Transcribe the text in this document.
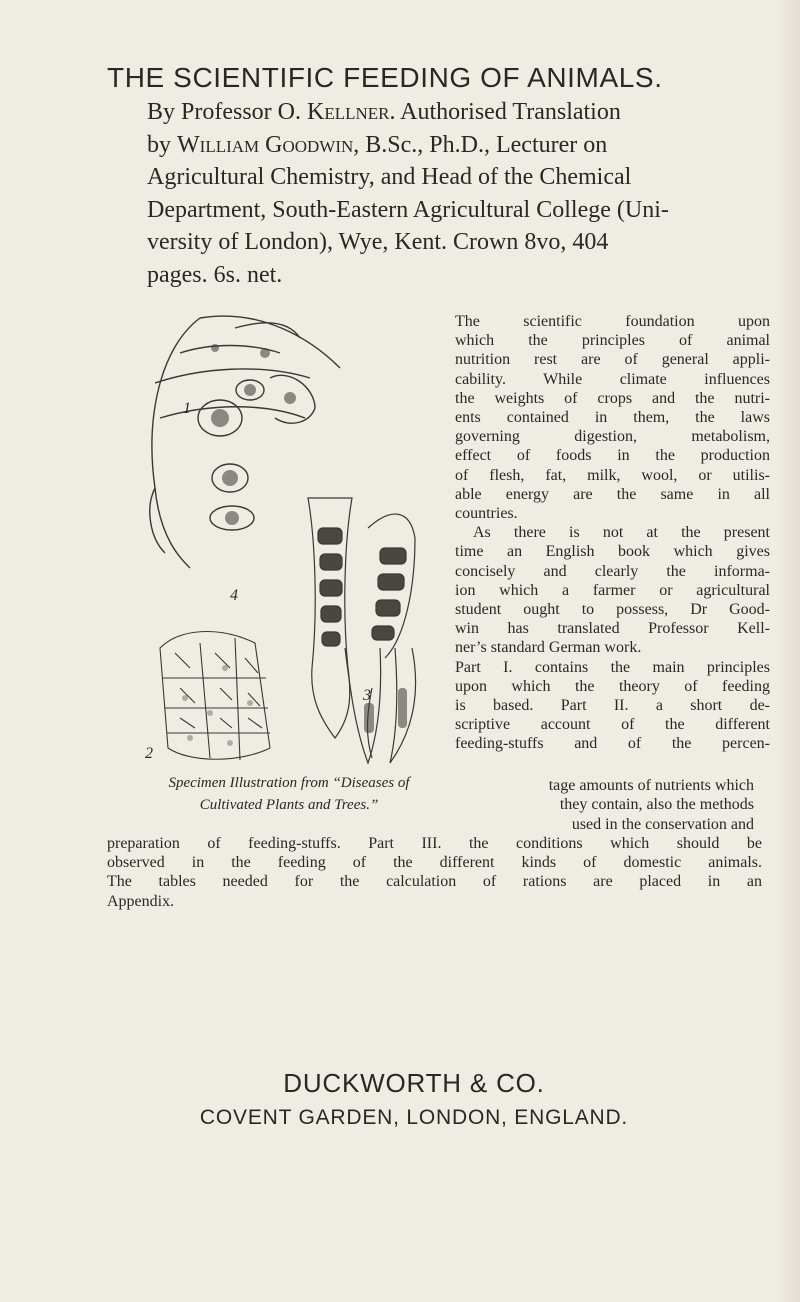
THE SCIENTIFIC FEEDING OF ANIMALS.

By Professor O. Kellner. Authorised Translation

by William Goodwin, B.Sc., Ph.D., Lecturer on

Agricultural Chemistry, and Head of the Chemical

Department, South-Eastern Agricultural College (Uni-

versity of London), Wye, Kent. Crown 8vo, 404

pages. 6s. net.

1
4
3
2

Specimen Illustration from “Diseases of

Cultivated Plants and Trees.”

The scientific foundation upon

which the principles of animal

nutrition rest are of general appli-

cability. While climate influences

the weights of crops and the nutri-

ents contained in them, the laws

governing digestion, metabolism,

effect of foods in the production

of flesh, fat, milk, wool, or utilis-

able energy are the same in all

countries.

As there is not at the present

time an English book which gives

concisely and clearly the informa-

ion which a farmer or agricultural

student ought to possess, Dr Good-

win has translated Professor Kell-

ner’s standard German work.

Part I. contains the main principles

upon which the theory of feeding

is based. Part II. a short de-

scriptive account of the different

feeding-stuffs and of the percen-

tage amounts of nutrients which

they contain, also the methods

used in the conservation and

preparation of feeding-stuffs. Part III. the conditions which should be

observed in the feeding of the different kinds of domestic animals.

The tables needed for the calculation of rations are placed in an

Appendix.

DUCKWORTH & CO.
COVENT GARDEN, LONDON, ENGLAND.
